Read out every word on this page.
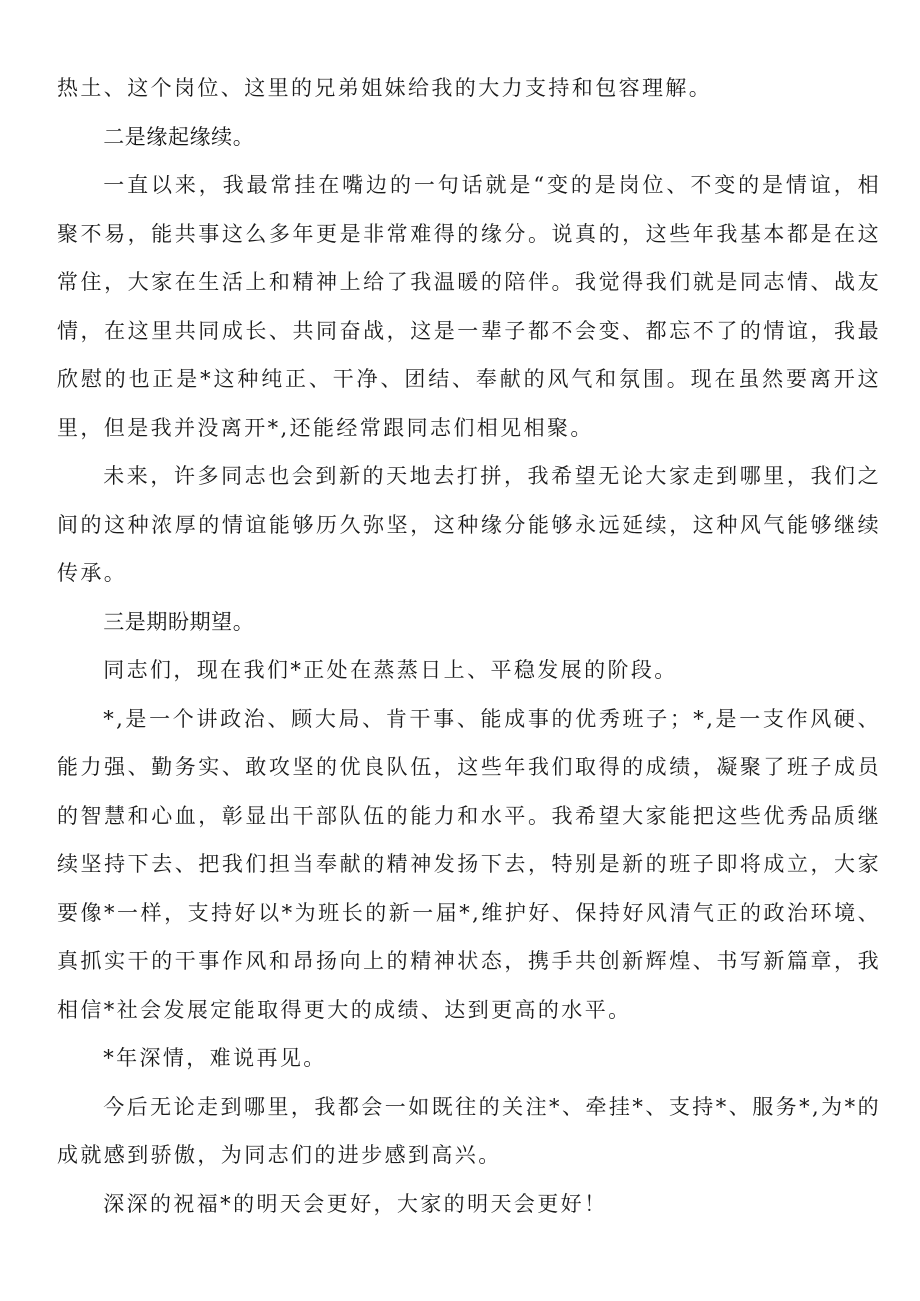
热土、这个岗位、这里的兄弟姐妹给我的大力支持和包容理解。

二是缘起缘续。

一直以来，我最常挂在嘴边的一句话就是“变的是岗位、不变的是情谊，相聚不易，能共事这么多年更是非常难得的缘分。说真的，这些年我基本都是在这常住，大家在生活上和精神上给了我温暖的陪伴。我觉得我们就是同志情、战友情，在这里共同成长、共同奋战，这是一辈子都不会变、都忘不了的情谊，我最欣慰的也正是*这种纯正、干净、团结、奉献的风气和氛围。现在虽然要离开这里，但是我并没离开*,还能经常跟同志们相见相聚。

未来，许多同志也会到新的天地去打拼，我希望无论大家走到哪里，我们之间的这种浓厚的情谊能够历久弥坚，这种缘分能够永远延续，这种风气能够继续传承。

三是期盼期望。

同志们，现在我们*正处在蒸蒸日上、平稳发展的阶段。

*,是一个讲政治、顾大局、肯干事、能成事的优秀班子；*,是一支作风硬、能力强、勤务实、敢攻坚的优良队伍，这些年我们取得的成绩，凝聚了班子成员的智慧和心血，彰显出干部队伍的能力和水平。我希望大家能把这些优秀品质继续坚持下去、把我们担当奉献的精神发扬下去，特别是新的班子即将成立，大家要像*一样，支持好以*为班长的新一届*,维护好、保持好风清气正的政治环境、真抓实干的干事作风和昂扬向上的精神状态，携手共创新辉煌、书写新篇章，我相信*社会发展定能取得更大的成绩、达到更高的水平。

*年深情，难说再见。

今后无论走到哪里，我都会一如既往的关注*、牵挂*、支持*、服务*,为*的成就感到骄傲，为同志们的进步感到高兴。

深深的祝福*的明天会更好，大家的明天会更好！
